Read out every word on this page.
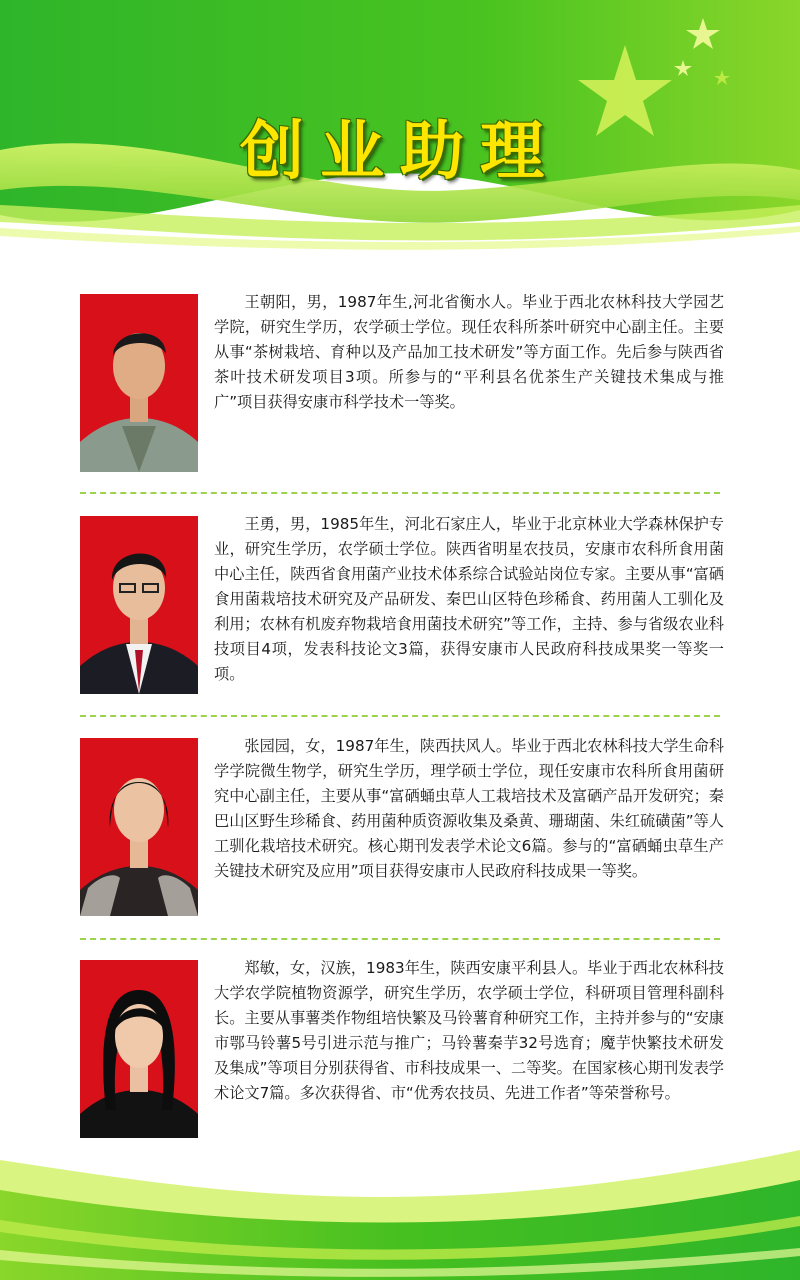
创业助理

王朝阳，男，1987年生,河北省衡水人。毕业于西北农林科技大学园艺学院，研究生学历，农学硕士学位。现任农科所茶叶研究中心副主任。主要从事“茶树栽培、育种以及产品加工技术研发”等方面工作。先后参与陕西省茶叶技术研发项目3项。所参与的“平利县名优茶生产关键技术集成与推广”项目获得安康市科学技术一等奖。

王勇，男，1985年生，河北石家庄人，毕业于北京林业大学森林保护专业，研究生学历，农学硕士学位。陕西省明星农技员，安康市农科所食用菌中心主任，陕西省食用菌产业技术体系综合试验站岗位专家。主要从事“富硒食用菌栽培技术研究及产品研发、秦巴山区特色珍稀食、药用菌人工驯化及利用；农林有机废弃物栽培食用菌技术研究”等工作，主持、参与省级农业科技项目4项，发表科技论文3篇，获得安康市人民政府科技成果奖一等奖一项。

张园园，女，1987年生，陕西扶风人。毕业于西北农林科技大学生命科学学院微生物学，研究生学历，理学硕士学位，现任安康市农科所食用菌研究中心副主任，主要从事“富硒蛹虫草人工栽培技术及富硒产品开发研究；秦巴山区野生珍稀食、药用菌种质资源收集及桑黄、珊瑚菌、朱红硫磺菌”等人工驯化栽培技术研究。核心期刊发表学术论文6篇。参与的“富硒蛹虫草生产关键技术研究及应用”项目获得安康市人民政府科技成果一等奖。

郑敏，女，汉族，1983年生，陕西安康平利县人。毕业于西北农林科技大学农学院植物资源学，研究生学历，农学硕士学位，科研项目管理科副科长。主要从事薯类作物组培快繁及马铃薯育种研究工作，主持并参与的“安康市鄂马铃薯5号引进示范与推广；马铃薯秦芋32号选育；魔芋快繁技术研发及集成”等项目分别获得省、市科技成果一、二等奖。在国家核心期刊发表学术论文7篇。多次获得省、市“优秀农技员、先进工作者”等荣誉称号。
